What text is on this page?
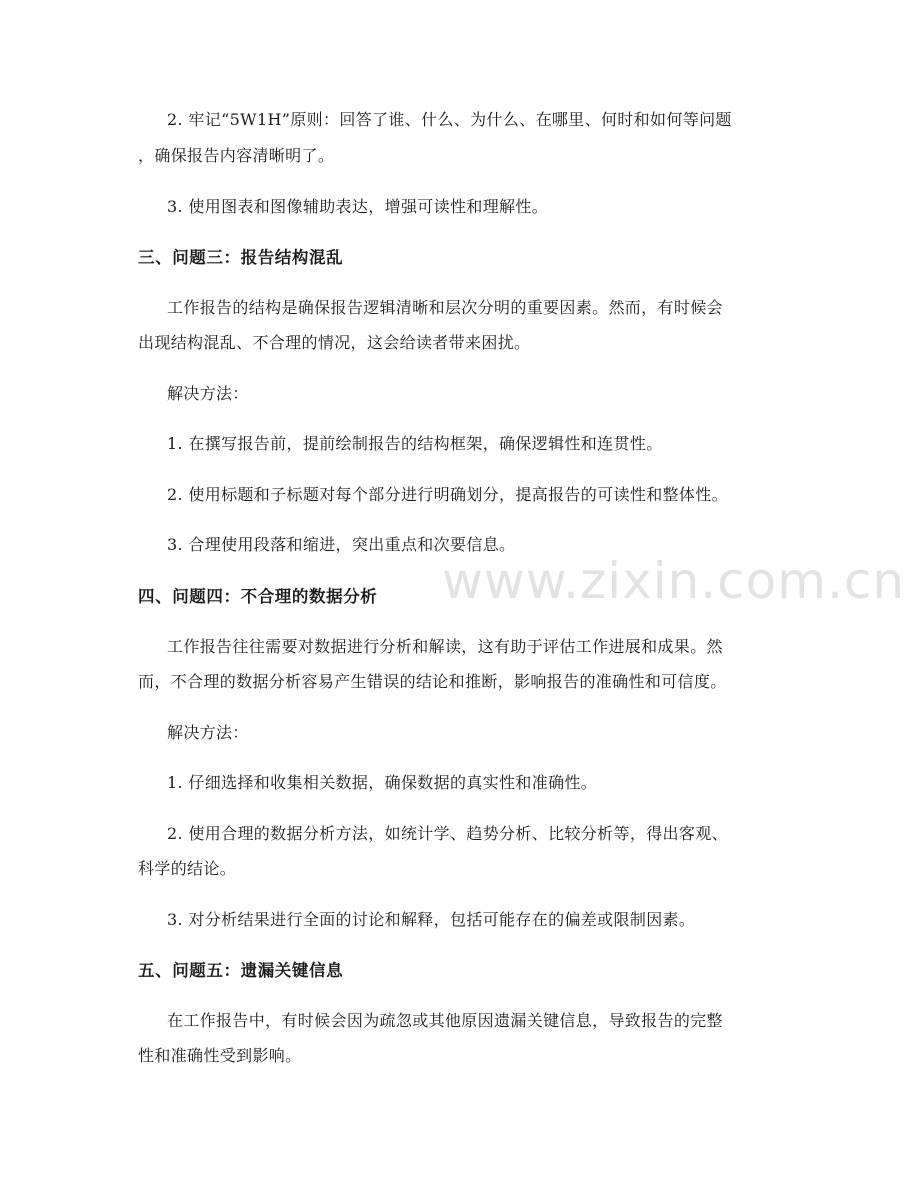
www.zixin.com.cn
2. 牢记“5W1H”原则：回答了谁、什么、为什么、在哪里、何时和如何等问题
，确保报告内容清晰明了。
3. 使用图表和图像辅助表达，增强可读性和理解性。
三、问题三：报告结构混乱
工作报告的结构是确保报告逻辑清晰和层次分明的重要因素。然而，有时候会
出现结构混乱、不合理的情况，这会给读者带来困扰。
解决方法：
1. 在撰写报告前，提前绘制报告的结构框架，确保逻辑性和连贯性。
2. 使用标题和子标题对每个部分进行明确划分，提高报告的可读性和整体性。
3. 合理使用段落和缩进，突出重点和次要信息。
四、问题四：不合理的数据分析
工作报告往往需要对数据进行分析和解读，这有助于评估工作进展和成果。然
而，不合理的数据分析容易产生错误的结论和推断，影响报告的准确性和可信度。
解决方法：
1. 仔细选择和收集相关数据，确保数据的真实性和准确性。
2. 使用合理的数据分析方法，如统计学、趋势分析、比较分析等，得出客观、
科学的结论。
3. 对分析结果进行全面的讨论和解释，包括可能存在的偏差或限制因素。
五、问题五：遗漏关键信息
在工作报告中，有时候会因为疏忽或其他原因遗漏关键信息，导致报告的完整
性和准确性受到影响。
